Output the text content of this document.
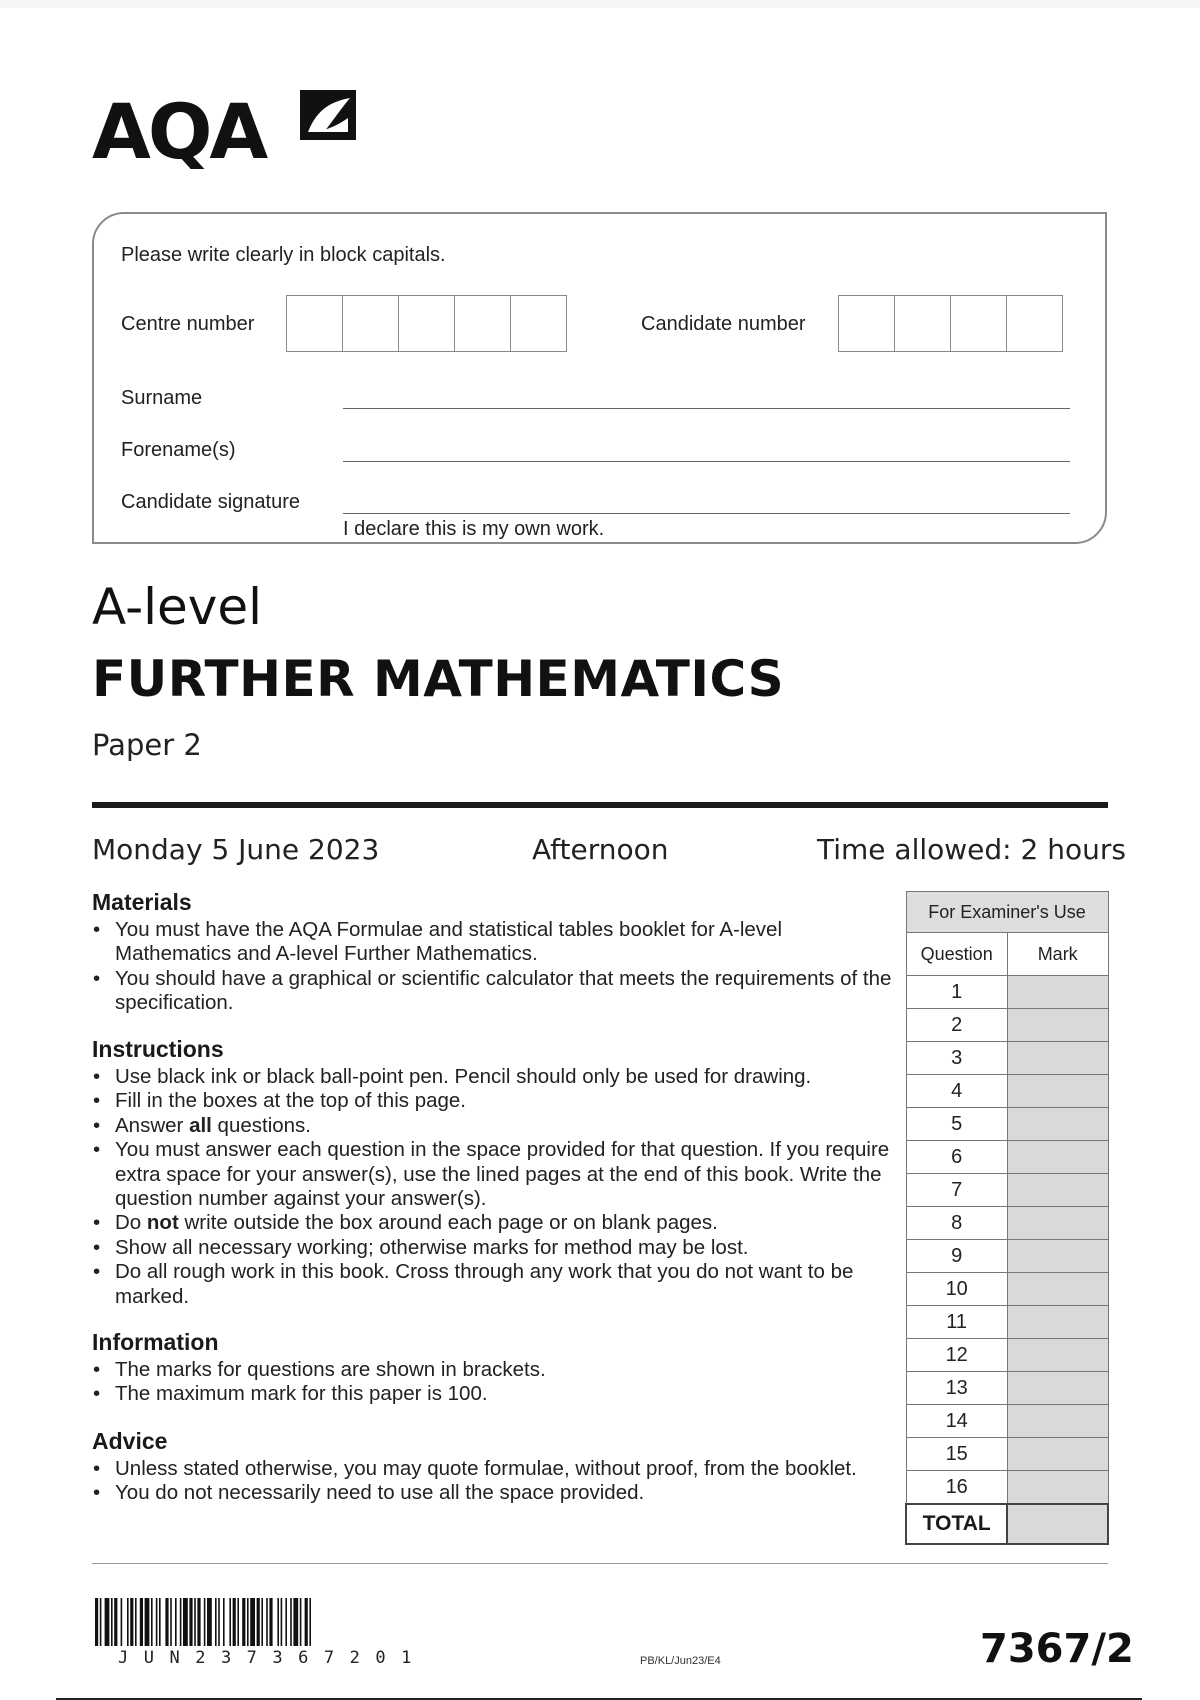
AQA
Please write clearly in block capitals.
Centre number	Candidate number
Surname
Forename(s)
Candidate signature
I declare this is my own work.
A-level
FURTHER MATHEMATICS
Paper 2
Monday 5 June 2023	Afternoon	Time allowed: 2 hours
Materials
• You must have the AQA Formulae and statistical tables booklet for A-level Mathematics and A-level Further Mathematics.
• You should have a graphical or scientific calculator that meets the requirements of the specification.
Instructions
• Use black ink or black ball-point pen. Pencil should only be used for drawing.
• Fill in the boxes at the top of this page.
• Answer all questions.
• You must answer each question in the space provided for that question. If you require extra space for your answer(s), use the lined pages at the end of this book. Write the question number against your answer(s).
• Do not write outside the box around each page or on blank pages.
• Show all necessary working; otherwise marks for method may be lost.
• Do all rough work in this book. Cross through any work that you do not want to be marked.
Information
• The marks for questions are shown in brackets.
• The maximum mark for this paper is 100.
Advice
• Unless stated otherwise, you may quote formulae, without proof, from the booklet.
• You do not necessarily need to use all the space provided.
For Examiner's Use	
Question	Mark
1	
2	
3	
4	
5	
6	
7	
8	
9	
10	
11	
12	
13	
14	
15	
16	
TOTAL	
JUN237367201	PB/KL/Jun23/E4	7367/2
